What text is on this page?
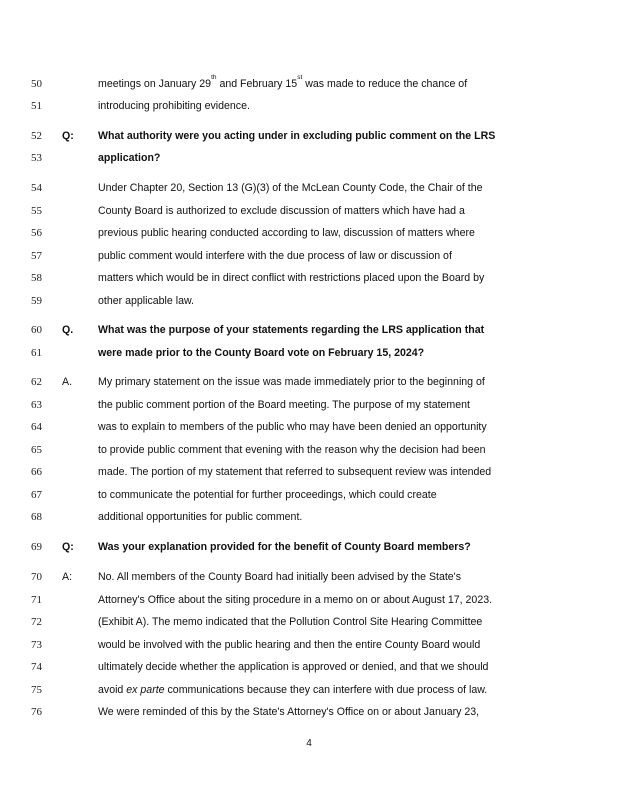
50	meetings on January 29th and February 15st was made to reduce the chance of
51	introducing prohibiting evidence.
52	Q:	What authority were you acting under in excluding public comment on the LRS
53	application?
54	Under Chapter 20, Section 13 (G)(3) of the McLean County Code, the Chair of the
55	County Board is authorized to exclude discussion of matters which have had a
56	previous public hearing conducted according to law, discussion of matters where
57	public comment would interfere with the due process of law or discussion of
58	matters which would be in direct conflict with restrictions placed upon the Board by
59	other applicable law.
60	Q.	What was the purpose of your statements regarding the LRS application that
61	were made prior to the County Board vote on February 15, 2024?
62	A.	My primary statement on the issue was made immediately prior to the beginning of
63	the public comment portion of the Board meeting. The purpose of my statement
64	was to explain to members of the public who may have been denied an opportunity
65	to provide public comment that evening with the reason why the decision had been
66	made. The portion of my statement that referred to subsequent review was intended
67	to communicate the potential for further proceedings, which could create
68	additional opportunities for public comment.
69	Q:	Was your explanation provided for the benefit of County Board members?
70	A:	No. All members of the County Board had initially been advised by the State's
71	Attorney's Office about the siting procedure in a memo on or about August 17, 2023.
72	(Exhibit A). The memo indicated that the Pollution Control Site Hearing Committee
73	would be involved with the public hearing and then the entire County Board would
74	ultimately decide whether the application is approved or denied, and that we should
75	avoid ex parte communications because they can interfere with due process of law.
76	We were reminded of this by the State's Attorney's Office on or about January 23,
4
